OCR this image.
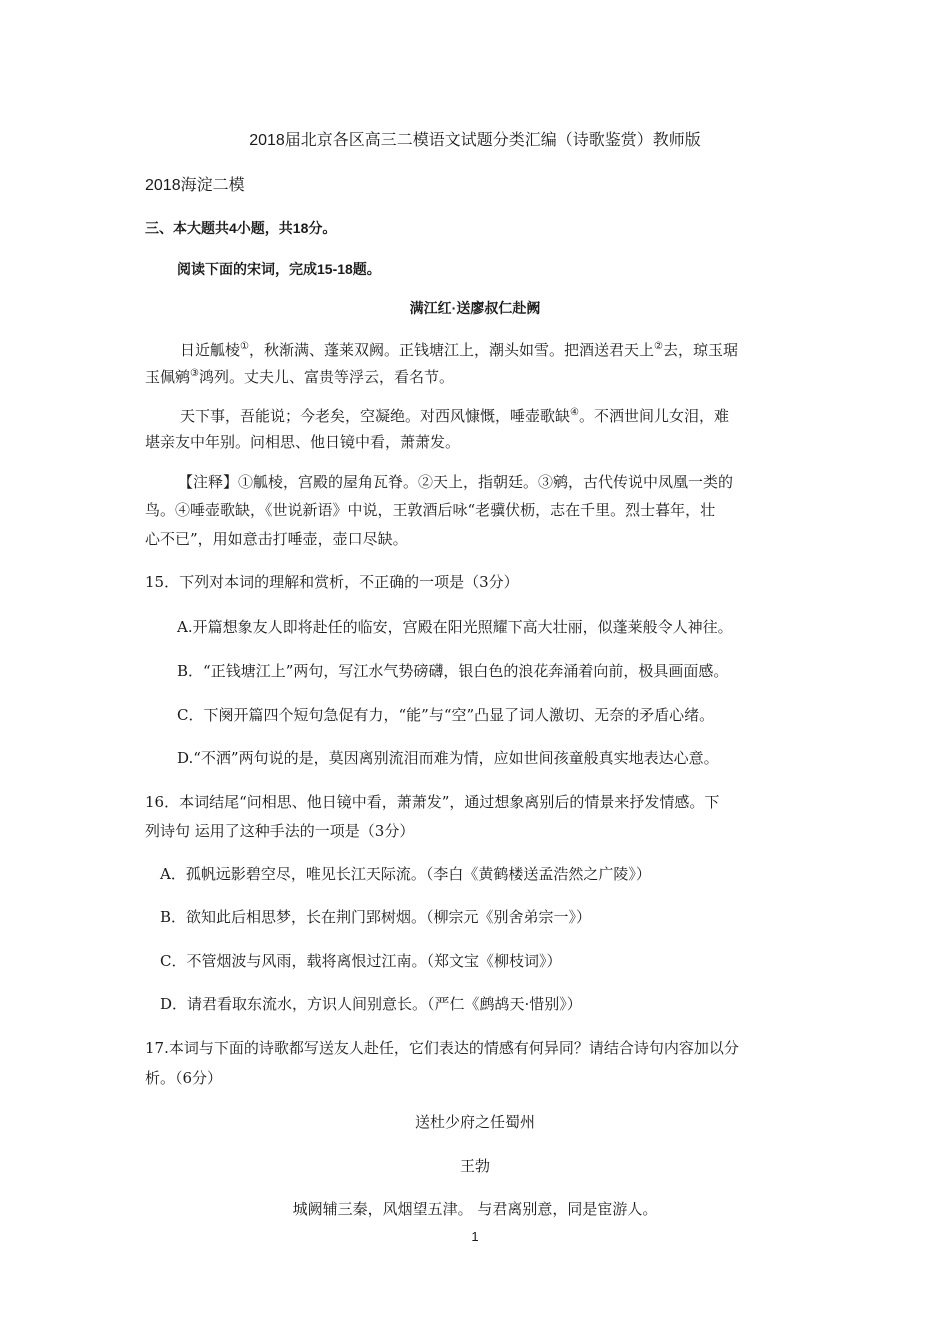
2018届北京各区高三二模语文试题分类汇编（诗歌鉴赏）教师版

2018海淀二模

三、本大题共4小题，共18分。

阅读下面的宋词，完成15-18题。

满江红·送廖叔仁赴阙

日近觚棱①，秋渐满、蓬莱双阙。正钱塘江上，潮头如雪。把酒送君天上②去，琼玉琚

玉佩鹓③鸿列。丈夫儿、富贵等浮云，看名节。

天下事，吾能说；今老矣，空凝绝。对西风慷慨，唾壶歌缺④。不洒世间儿女泪，难

堪亲友中年别。问相思、他日镜中看，萧萧发。

【注释】①觚棱，宫殿的屋角瓦脊。②天上，指朝廷。③鹓，古代传说中凤凰一类的

鸟。④唾壶歌缺，《世说新语》中说，王敦酒后咏“老骥伏枥，志在千里。烈士暮年，壮

心不已”，用如意击打唾壶，壶口尽缺。

15．下列对本词的理解和赏析，不正确的一项是（3分）

A.开篇想象友人即将赴任的临安，宫殿在阳光照耀下高大壮丽，似蓬莱般令人神往。

B．“正钱塘江上”两句，写江水气势磅礴，银白色的浪花奔涌着向前，极具画面感。

C．下阕开篇四个短句急促有力，“能”与“空”凸显了词人激切、无奈的矛盾心绪。

D.“不洒”两句说的是，莫因离别流泪而难为情，应如世间孩童般真实地表达心意。

16．本词结尾“问相思、他日镜中看，萧萧发”，通过想象离别后的情景来抒发情感。下

列诗句 运用了这种手法的一项是（3分）

A．孤帆远影碧空尽，唯见长江天际流。（李白《黄鹤楼送孟浩然之广陵》）

B．欲知此后相思梦，长在荆门郢树烟。（柳宗元《别舍弟宗一》）

C．不管烟波与风雨，载将离恨过江南。（郑文宝《柳枝词》）

D．请君看取东流水，方识人间别意长。（严仁《鹧鸪天·惜别》）

17.本词与下面的诗歌都写送友人赴任，它们表达的情感有何异同？请结合诗句内容加以分

析。（6分）

送杜少府之任蜀州

王勃

城阙辅三秦，风烟望五津。 与君离别意，同是宦游人。

1
